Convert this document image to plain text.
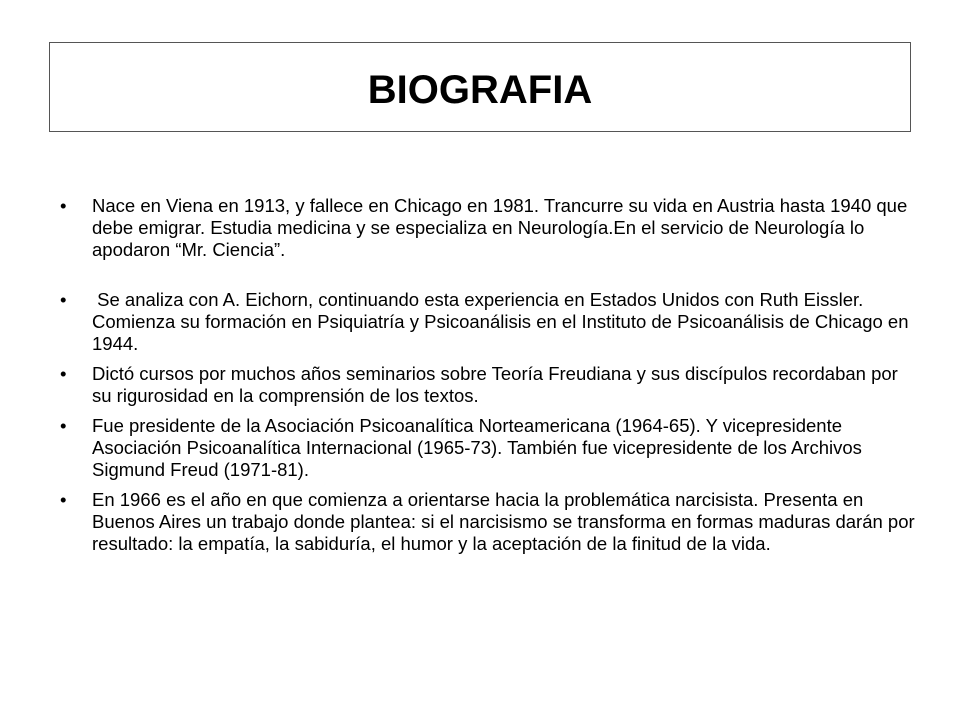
BIOGRAFIA
•	Nace en Viena en 1913, y fallece en Chicago en 1981. Trancurre su vida en Austria hasta 1940 que debe emigrar. Estudia medicina y se especializa en Neurología.En el servicio de Neurología lo apodaron “Mr. Ciencia”.
•	Se analiza con A. Eichorn, continuando esta experiencia en Estados Unidos con Ruth Eissler. Comienza su formación en Psiquiatría y Psicoanálisis en el Instituto de Psicoanálisis de Chicago en 1944.
•	Dictó cursos por muchos años seminarios sobre Teoría Freudiana y sus discípulos recordaban por su rigurosidad en la comprensión de los textos.
•	Fue presidente de la Asociación Psicoanalítica Norteamericana (1964-65). Y vicepresidente Asociación Psicoanalítica Internacional (1965-73). También fue vicepresidente de los Archivos Sigmund Freud (1971-81).
•	En 1966 es el año en que comienza a orientarse hacia la problemática narcisista. Presenta en Buenos Aires un trabajo donde plantea: si el narcisismo se transforma en formas maduras darán por resultado: la empatía, la sabiduría, el humor y la aceptación de la finitud de la vida.
